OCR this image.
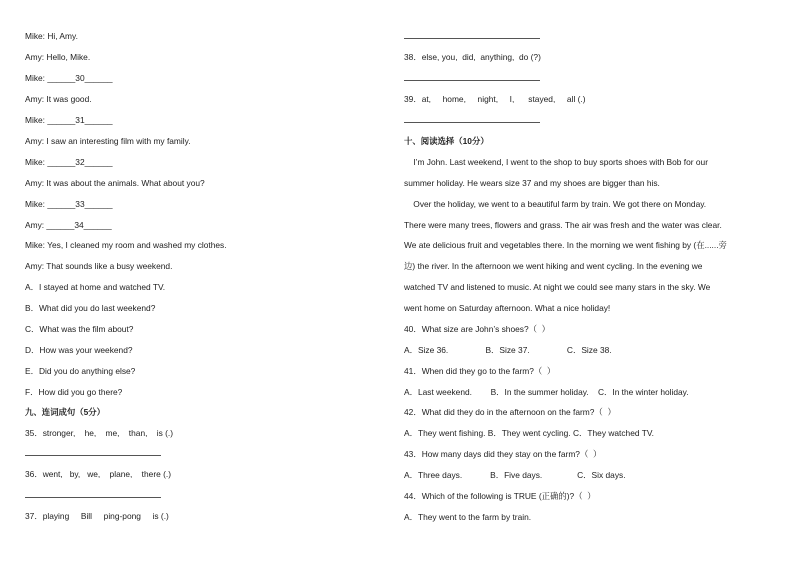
Mike: Hi, Amy.
Amy: Hello, Mike.
Mike: ______30______
Amy: It was good.
Mike: ______31______
Amy: I saw an interesting film with my family.
Mike: ______32______
Amy: It was about the animals. What about you?
Mike: ______33______
Amy: ______34______
Mike: Yes, I cleaned my room and washed my clothes.
Amy: That sounds like a busy weekend.
A．I stayed at home and watched TV.
B．What did you do last weekend?
C．What was the film about?
D．How was your weekend?
E．Did you do anything else?
F．How did you go there?
九、连词成句（5分）
35．stronger,    he,    me,    than,    is (.)
36．went,   by,   we,    plane,    there (.)
37．playing     Bill     ping-pong     is (.)
38．else, you,  did,  anything,  do (?)
39．at,     home,     night,     I,      stayed,     all (.)
十、阅读选择（10分）
I’m John. Last weekend, I went to the shop to buy sports shoes with Bob for our
summer holiday. He wears size 37 and my shoes are bigger than his.
Over the holiday, we went to a beautiful farm by train. We got there on Monday.
There were many trees, flowers and grass. The air was fresh and the water was clear.
We ate delicious fruit and vegetables there. In the morning we went fishing by (在......旁
边) the river. In the afternoon we went hiking and went cycling. In the evening we
watched TV and listened to music. At night we could see many stars in the sky. We
went home on Saturday afternoon. What a nice holiday!
40．What size are John’s shoes?（  ）
A．Size 36.                B．Size 37.                C．Size 38.
41．When did they go to the farm?（  ）
A．Last weekend.        B．In the summer holiday.    C．In the winter holiday.
42．What did they do in the afternoon on the farm?（  ）
A．They went fishing. B．They went cycling. C．They watched TV.
43．How many days did they stay on the farm?（  ）
A．Three days.            B．Five days.               C．Six days.
44．Which of the following is TRUE (正确的)?（  ）
A．They went to the farm by train.
